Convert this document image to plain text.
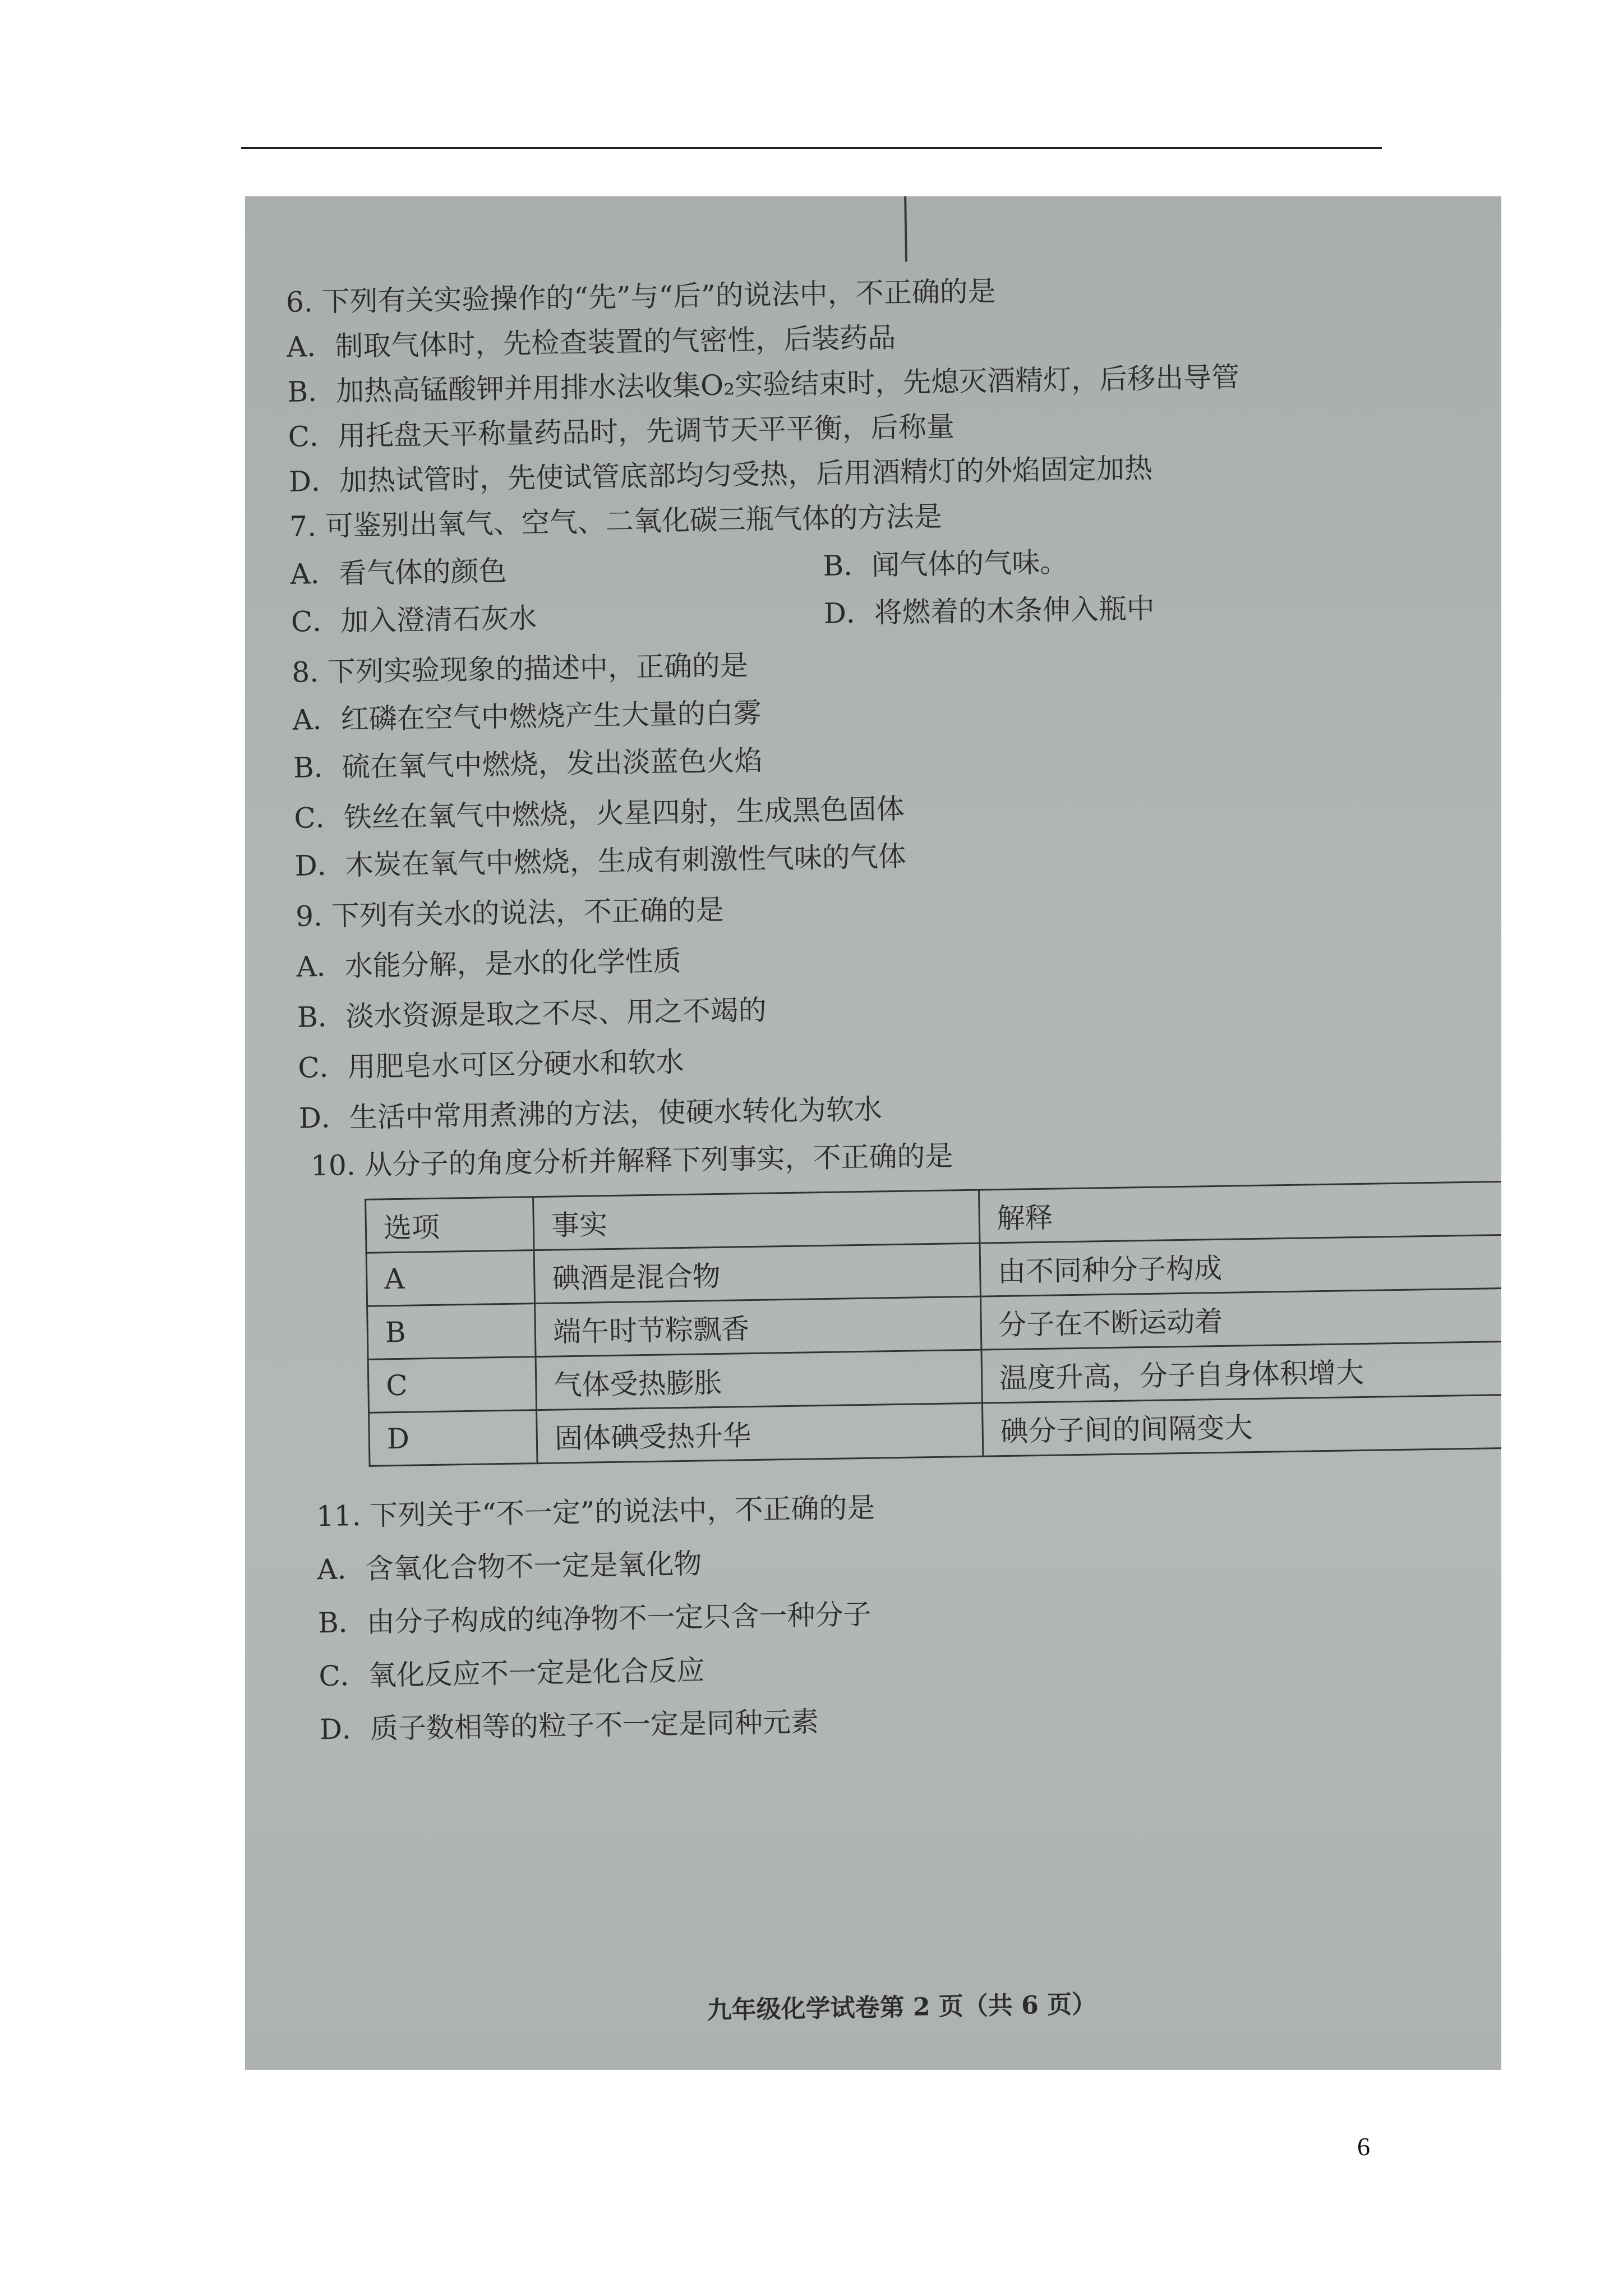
6. 下列有关实验操作的“先”与“后”的说法中，不正确的是
A．制取气体时，先检查装置的气密性，后装药品
B．加热高锰酸钾并用排水法收集O₂实验结束时，先熄灭酒精灯，后移出导管
C．用托盘天平称量药品时，先调节天平平衡，后称量
D．加热试管时，先使试管底部均匀受热，后用酒精灯的外焰固定加热
7. 可鉴别出氧气、空气、二氧化碳三瓶气体的方法是
A．看气体的颜色	B．闻气体的气味。
C．加入澄清石灰水	D．将燃着的木条伸入瓶中
8. 下列实验现象的描述中，正确的是
A．红磷在空气中燃烧产生大量的白雾
B．硫在氧气中燃烧，发出淡蓝色火焰
C．铁丝在氧气中燃烧，火星四射，生成黑色固体
D．木炭在氧气中燃烧，生成有刺激性气味的气体
9. 下列有关水的说法，不正确的是
A．水能分解，是水的化学性质
B．淡水资源是取之不尽、用之不竭的
C．用肥皂水可区分硬水和软水
D．生活中常用煮沸的方法，使硬水转化为软水
10. 从分子的角度分析并解释下列事实，不正确的是
选项	事实	解释
A	碘酒是混合物	由不同种分子构成
B	端午时节粽飘香	分子在不断运动着
C	气体受热膨胀	温度升高，分子自身体积增大
D	固体碘受热升华	碘分子间的间隔变大
11. 下列关于“不一定”的说法中，不正确的是
A．含氧化合物不一定是氧化物
B．由分子构成的纯净物不一定只含一种分子
C．氧化反应不一定是化合反应
D．质子数相等的粒子不一定是同种元素
九年级化学试卷第 2 页（共 6 页）
6
